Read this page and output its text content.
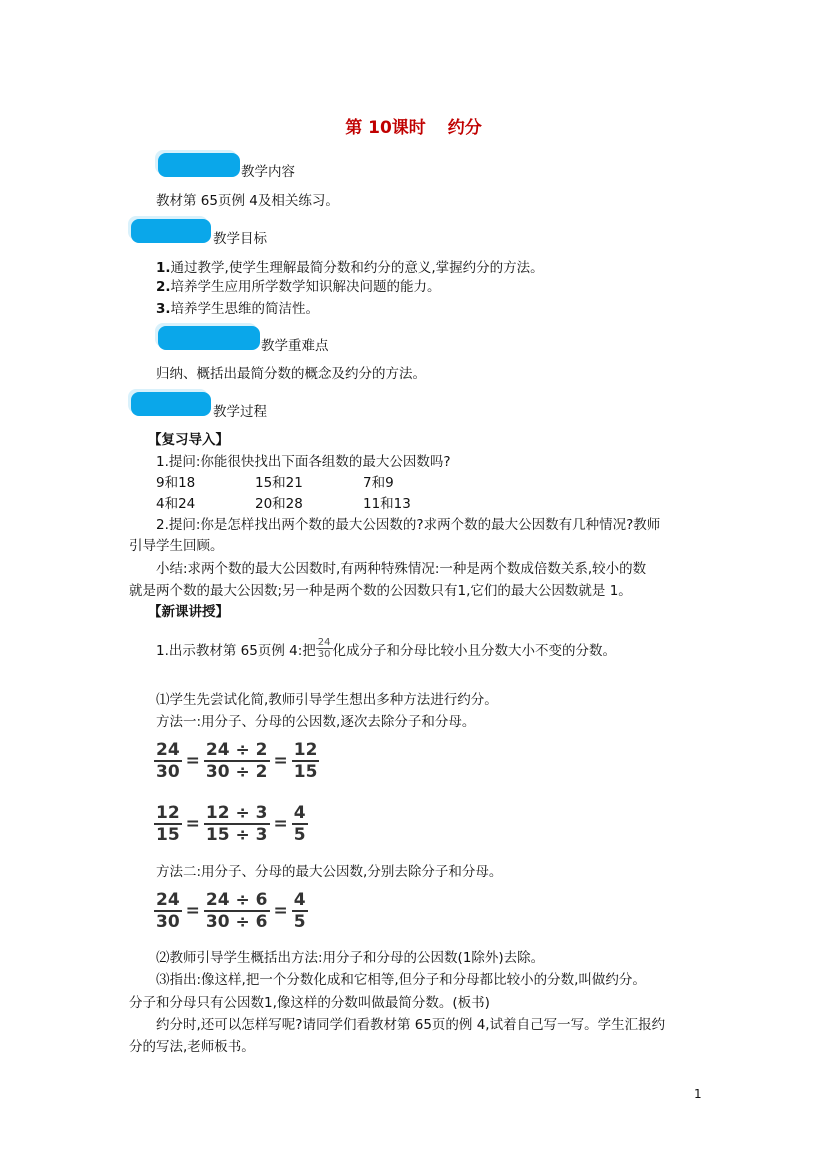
第 10课时 约分
教学内容
教材第 65页例 4及相关练习。
教学目标
1.通过教学,使学生理解最简分数和约分的意义,掌握约分的方法。
2.培养学生应用所学数学知识解决问题的能力。
3.培养学生思维的简洁性。
教学重难点
归纳、概括出最简分数的概念及约分的方法。
教学过程
【复习导入】
1.提问:你能很快找出下面各组数的最大公因数吗?
9和18	15和21	7和9
4和24	20和28	11和13
2.提问:你是怎样找出两个数的最大公因数的?求两个数的最大公因数有几种情况?教师
引导学生回顾。
小结:求两个数的最大公因数时,有两种特殊情况:一种是两个数成倍数关系,较小的数
就是两个数的最大公因数;另一种是两个数的公因数只有1,它们的最大公因数就是 1。
【新课讲授】
1.出示教材第 65页例 4:把 $\frac{24}{30}$ 化成分子和分母比较小且分数大小不变的分数。
⑴学生先尝试化简,教师引导学生想出多种方法进行约分。
方法一:用分子、分母的公因数,逐次去除分子和分母。
$\frac{24}{30} = \frac{24 \div 2}{30 \div 2} = \frac{12}{15}$
$\frac{12}{15} = \frac{12 \div 3}{15 \div 3} = \frac{4}{5}$
方法二:用分子、分母的最大公因数,分别去除分子和分母。
$\frac{24}{30} = \frac{24 \div 6}{30 \div 6} = \frac{4}{5}$
⑵教师引导学生概括出方法:用分子和分母的公因数(1除外)去除。
⑶指出:像这样,把一个分数化成和它相等,但分子和分母都比较小的分数,叫做约分。
分子和分母只有公因数1,像这样的分数叫做最简分数。(板书)
约分时,还可以怎样写呢?请同学们看教材第 65页的例 4,试着自己写一写。学生汇报约
分的写法,老师板书。
1
